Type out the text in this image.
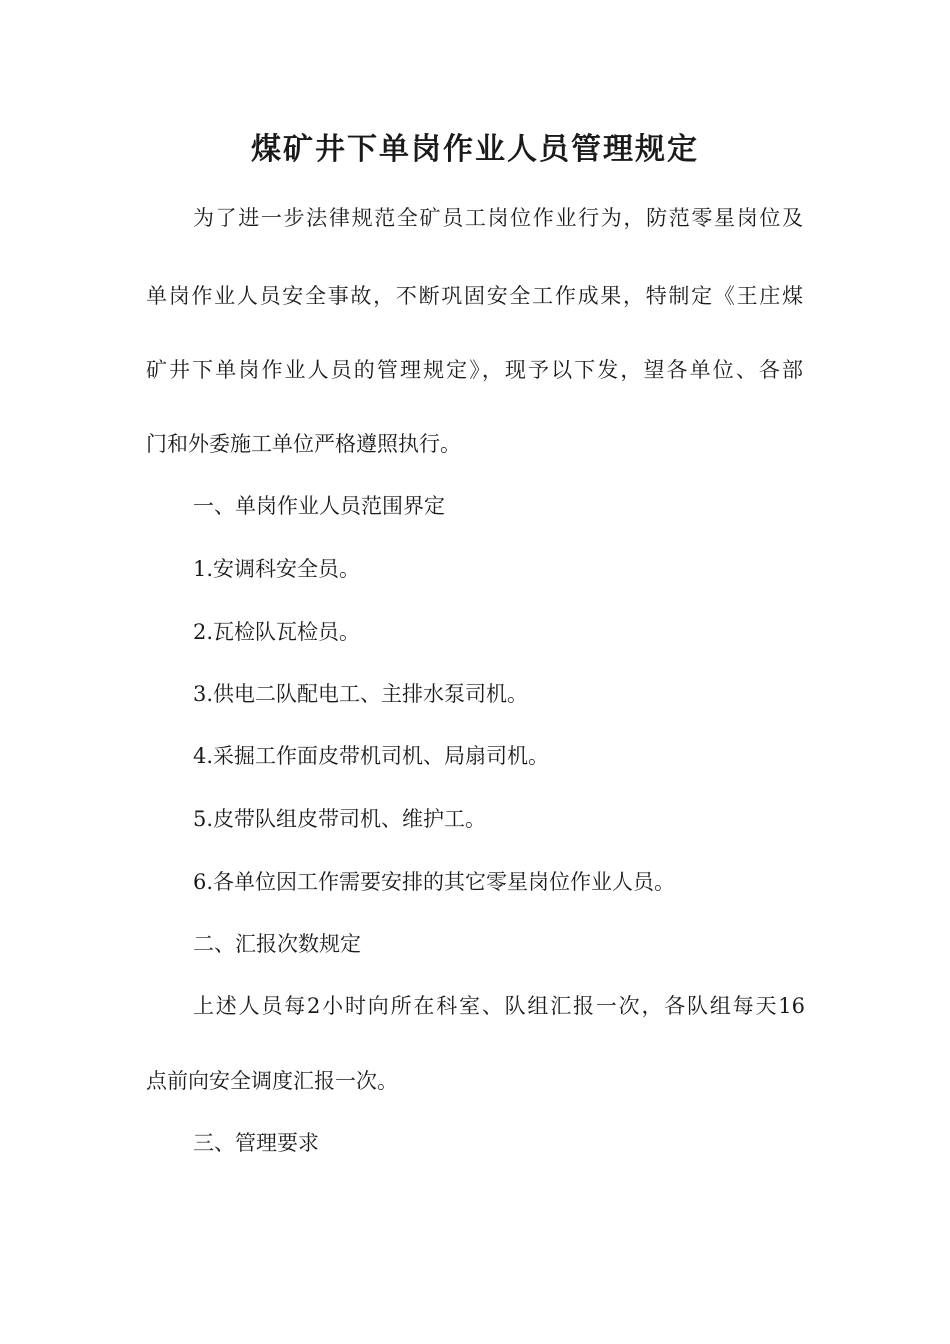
煤矿井下单岗作业人员管理规定
为了进一步法律规范全矿员工岗位作业行为，防范零星岗位及
单岗作业人员安全事故，不断巩固安全工作成果，特制定《王庄煤
矿井下单岗作业人员的管理规定》，现予以下发，望各单位、各部
门和外委施工单位严格遵照执行。
一、单岗作业人员范围界定
1.安调科安全员。
2.瓦检队瓦检员。
3.供电二队配电工、主排水泵司机。
4.采掘工作面皮带机司机、局扇司机。
5.皮带队组皮带司机、维护工。
6.各单位因工作需要安排的其它零星岗位作业人员。
二、汇报次数规定
上述人员每2小时向所在科室、队组汇报一次，各队组每天16
点前向安全调度汇报一次。
三、管理要求
